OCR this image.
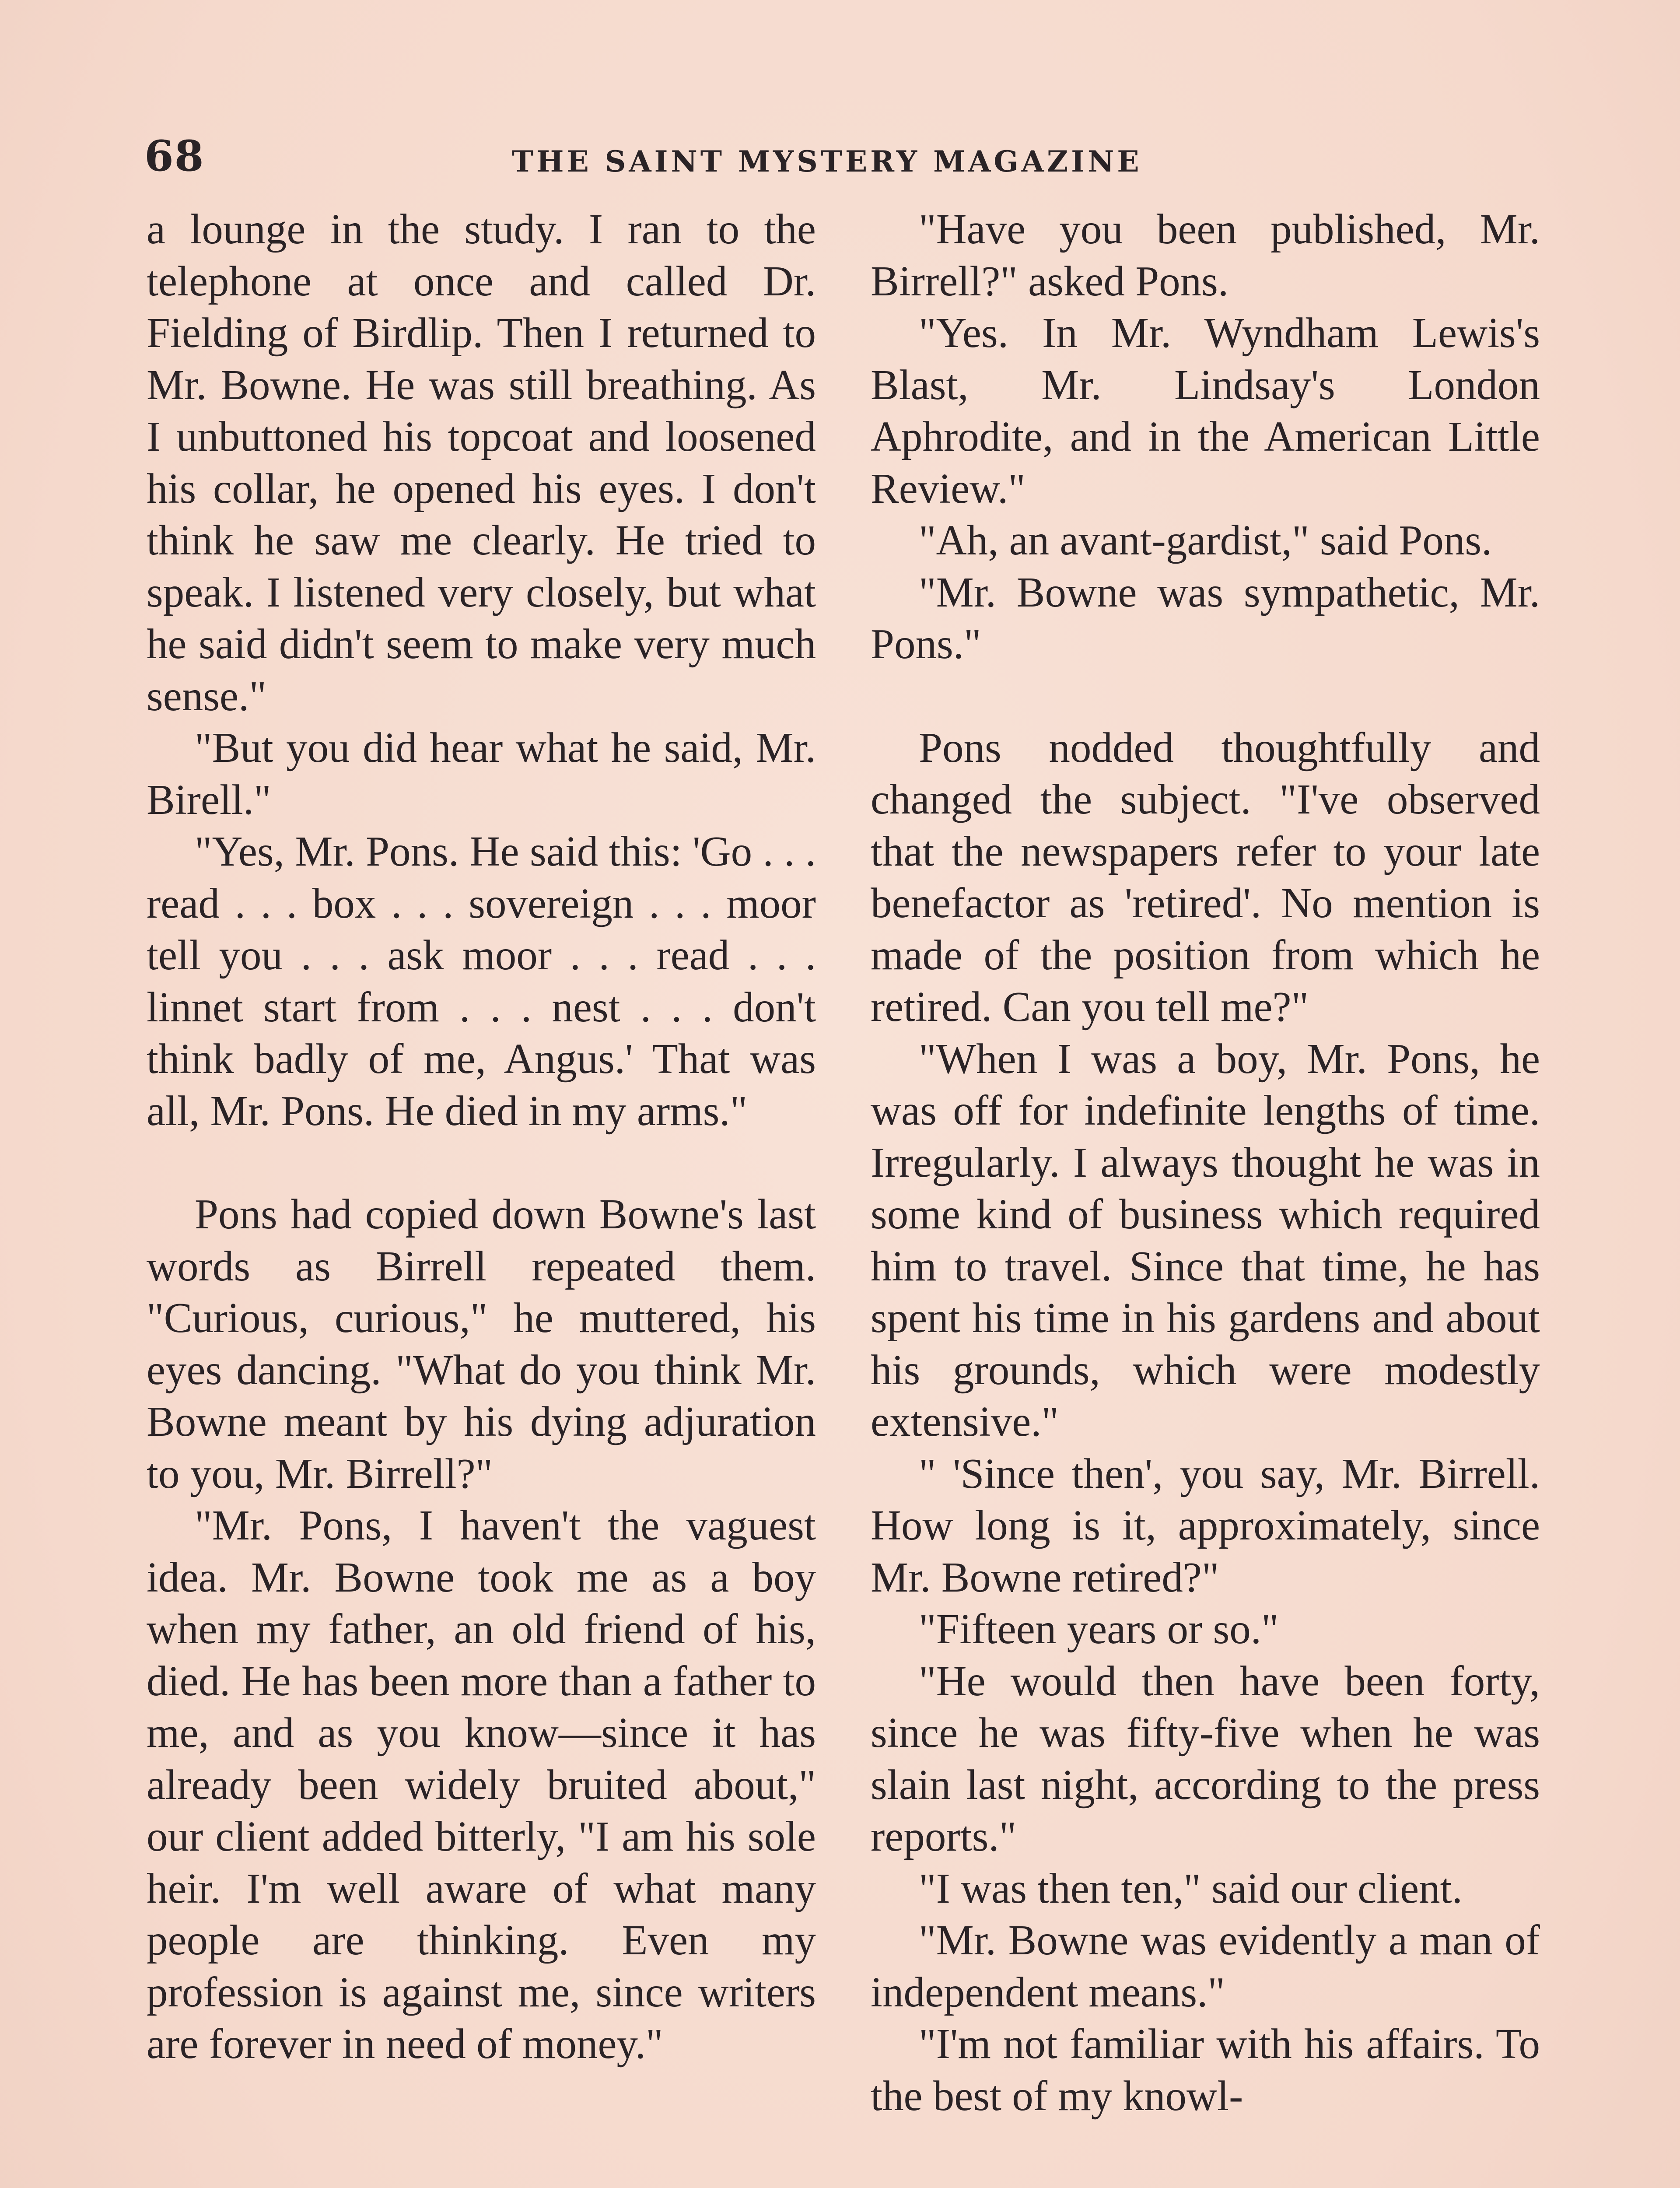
68	THE SAINT MYSTERY MAGAZINE

a lounge in the study. I ran to the telephone at once and called Dr. Fielding of Birdlip. Then I returned to Mr. Bowne. He was still breathing. As I unbuttoned his topcoat and loosened his collar, he opened his eyes. I don't think he saw me clearly. He tried to speak. I listened very closely, but what he said didn't seem to make very much sense."

"But you did hear what he said, Mr. Birell."

"Yes, Mr. Pons. He said this: 'Go . . . read . . . box . . . sovereign . . . moor tell you . . . ask moor . . . read . . . linnet start from . . . nest . . . don't think badly of me, Angus.' That was all, Mr. Pons. He died in my arms."

Pons had copied down Bowne's last words as Birrell repeated them. "Curious, curious," he muttered, his eyes dancing. "What do you think Mr. Bowne meant by his dying adjuration to you, Mr. Birrell?"

"Mr. Pons, I haven't the vaguest idea. Mr. Bowne took me as a boy when my father, an old friend of his, died. He has been more than a father to me, and as you know—since it has already been widely bruited about," our client added bitterly, "I am his sole heir. I'm well aware of what many people are thinking. Even my profession is against me, since writers are forever in need of money."

"Have you been published, Mr. Birrell?" asked Pons.

"Yes. In Mr. Wyndham Lewis's Blast, Mr. Lindsay's London Aphrodite, and in the American Little Review."

"Ah, an avant-gardist," said Pons.

"Mr. Bowne was sympathetic, Mr. Pons."

Pons nodded thoughtfully and changed the subject. "I've observed that the newspapers refer to your late benefactor as 'retired'. No mention is made of the position from which he retired. Can you tell me?"

"When I was a boy, Mr. Pons, he was off for indefinite lengths of time. Irregularly. I always thought he was in some kind of business which required him to travel. Since that time, he has spent his time in his gardens and about his grounds, which were modestly extensive."

" 'Since then', you say, Mr. Birrell. How long is it, approximately, since Mr. Bowne retired?"

"Fifteen years or so."

"He would then have been forty, since he was fifty-five when he was slain last night, according to the press reports."

"I was then ten," said our client.

"Mr. Bowne was evidently a man of independent means."

"I'm not familiar with his affairs. To the best of my knowl-
